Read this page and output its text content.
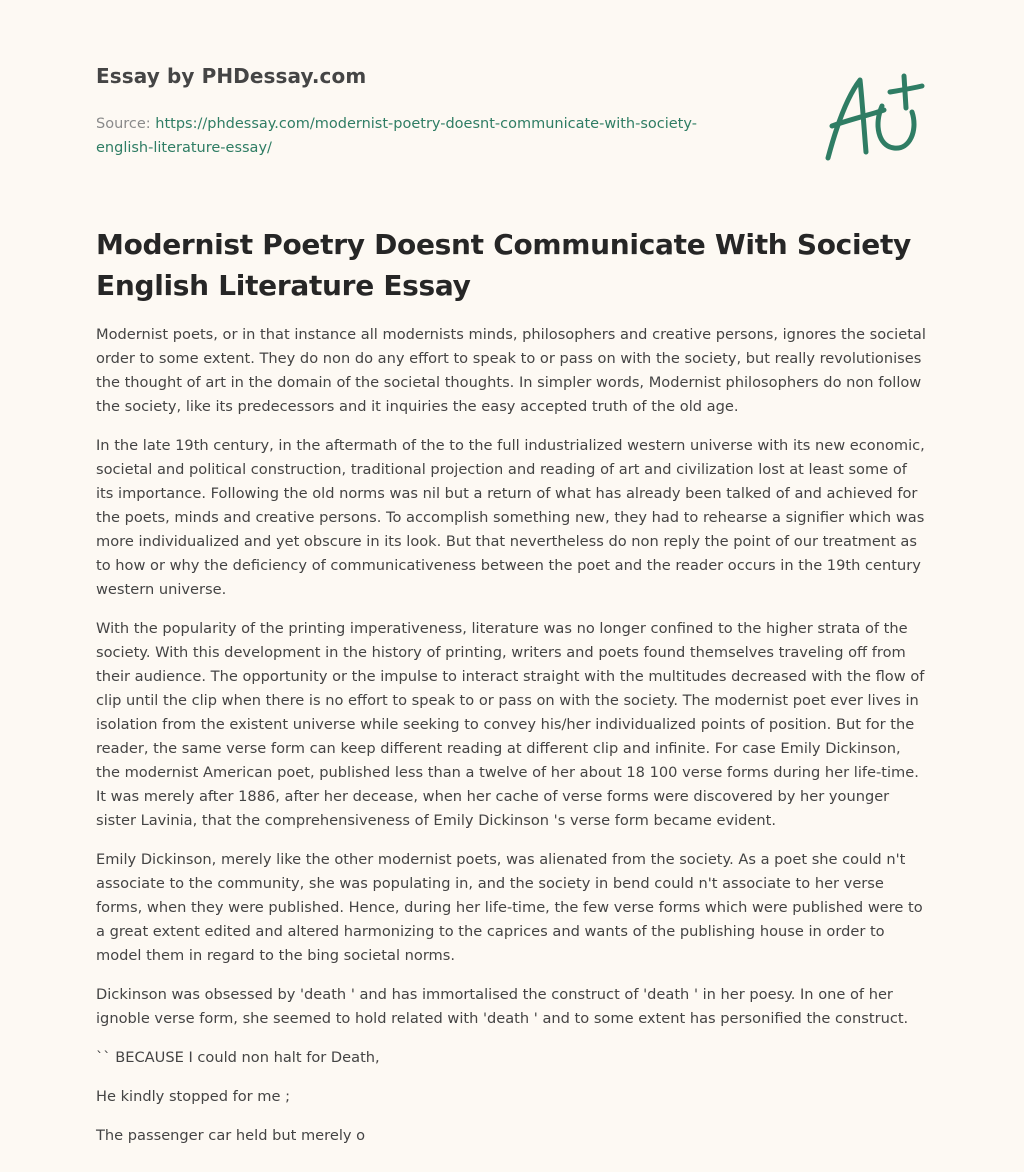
Essay by PHDessay.com
Source: https://phdessay.com/modernist-poetry-doesnt-communicate-with-society-english-literature-essay/
Modernist Poetry Doesnt Communicate With Society English Literature Essay

Modernist poets, or in that instance all modernists minds, philosophers and creative persons, ignores the societal order to some extent. They do non do any effort to speak to or pass on with the society, but really revolutionises the thought of art in the domain of the societal thoughts. In simpler words, Modernist philosophers do non follow the society, like its predecessors and it inquiries the easy accepted truth of the old age.

In the late 19th century, in the aftermath of the to the full industrialized western universe with its new economic, societal and political construction, traditional projection and reading of art and civilization lost at least some of its importance. Following the old norms was nil but a return of what has already been talked of and achieved for the poets, minds and creative persons. To accomplish something new, they had to rehearse a signifier which was more individualized and yet obscure in its look. But that nevertheless do non reply the point of our treatment as to how or why the deficiency of communicativeness between the poet and the reader occurs in the 19th century western universe.

With the popularity of the printing imperativeness, literature was no longer confined to the higher strata of the society. With this development in the history of printing, writers and poets found themselves traveling off from their audience. The opportunity or the impulse to interact straight with the multitudes decreased with the flow of clip until the clip when there is no effort to speak to or pass on with the society. The modernist poet ever lives in isolation from the existent universe while seeking to convey his/her individualized points of position. But for the reader, the same verse form can keep different reading at different clip and infinite. For case Emily Dickinson, the modernist American poet, published less than a twelve of her about 18 100 verse forms during her life-time. It was merely after 1886, after her decease, when her cache of verse forms were discovered by her younger sister Lavinia, that the comprehensiveness of Emily Dickinson 's verse form became evident.

Emily Dickinson, merely like the other modernist poets, was alienated from the society. As a poet she could n't associate to the community, she was populating in, and the society in bend could n't associate to her verse forms, when they were published. Hence, during her life-time, the few verse forms which were published were to a great extent edited and altered harmonizing to the caprices and wants of the publishing house in order to model them in regard to the bing societal norms.

Dickinson was obsessed by 'death ' and has immortalised the construct of 'death ' in her poesy. In one of her ignoble verse form, she seemed to hold related with 'death ' and to some extent has personified the construct.

`` BECAUSE I could non halt for Death,

He kindly stopped for me ;

The passenger car held but merely o
